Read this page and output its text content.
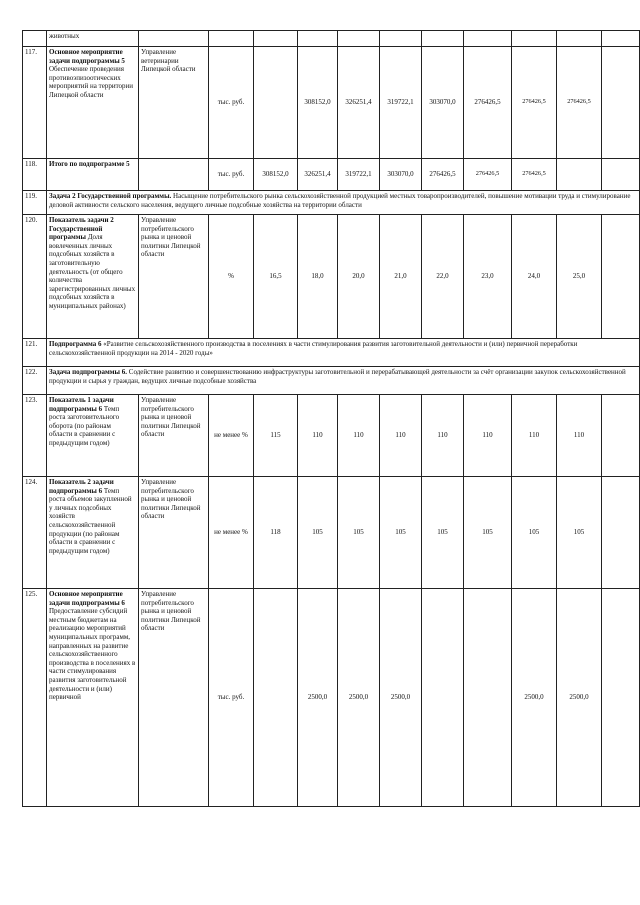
	животных											
117.	Основное мероприятие задачи подпрограммы 5 Обеспечение проведения противоэпизоотических мероприятий на территории Липецкой области	Управление ветеринарии Липецкой области	тыс. руб.		308152,0	326251,4	319722,1	303070,0	276426,5	276426,5	276426,5	
118.	Итого по подпрограмме 5		тыс. руб.	308152,0	326251,4	319722,1	303070,0	276426,5	276426,5	276426,5		
119.	Задача 2 Государственной программы. Насыщение потребительского рынка сельскохозяйственной продукцией местных товаропроизводителей, повышение мотивации труда и стимулирование деловой активности сельского населения, ведущего личные подсобные хозяйства на территории области											
120.	Показатель задачи 2 Государственной программы Доля вовлеченных личных подсобных хозяйств в заготовительную деятельность (от общего количества зарегистрированных личных подсобных хозяйств в муниципальных районах)	Управление потребительского рынка и ценовой политики Липецкой области	%	16,5	18,0	20,0	21,0	22,0	23,0	24,0	25,0	
121.	Подпрограмма 6 «Развитие сельскохозяйственного производства в поселениях в части стимулирования развития заготовительной деятельности и (или) первичной переработки сельскохозяйственной продукции на 2014 - 2020 годы»											
122.	Задача подпрограммы 6. Содействие развитию и совершенствованию инфраструктуры заготовительной и перерабатывающей деятельности за счёт организации закупок сельскохозяйственной продукции и сырья у граждан, ведущих личные подсобные хозяйства											
123.	Показатель 1 задачи подпрограммы 6 Темп роста заготовительного оборота (по районам области в сравнении с предыдущим годом)	Управление потребительского рынка и ценовой политики Липецкой области	не менее %	115	110	110	110	110	110	110	110	
124.	Показатель 2 задачи подпрограммы 6 Темп роста объемов закупленной у личных подсобных хозяйств сельскохозяйственной продукции (по районам области в сравнении с предыдущим годом)	Управление потребительского рынка и ценовой политики Липецкой области	не менее %	118	105	105	105	105	105	105	105	
125.	Основное мероприятие задачи подпрограммы 6 Предоставление субсидий местным бюджетам на реализацию мероприятий муниципальных программ, направленных на развитие сельскохозяйственного производства в поселениях в части стимулирования развития заготовительной деятельности и (или) первичной	Управление потребительского рынка и ценовой политики Липецкой области	тыс. руб.		2500,0	2500,0	2500,0			2500,0	2500,0	
